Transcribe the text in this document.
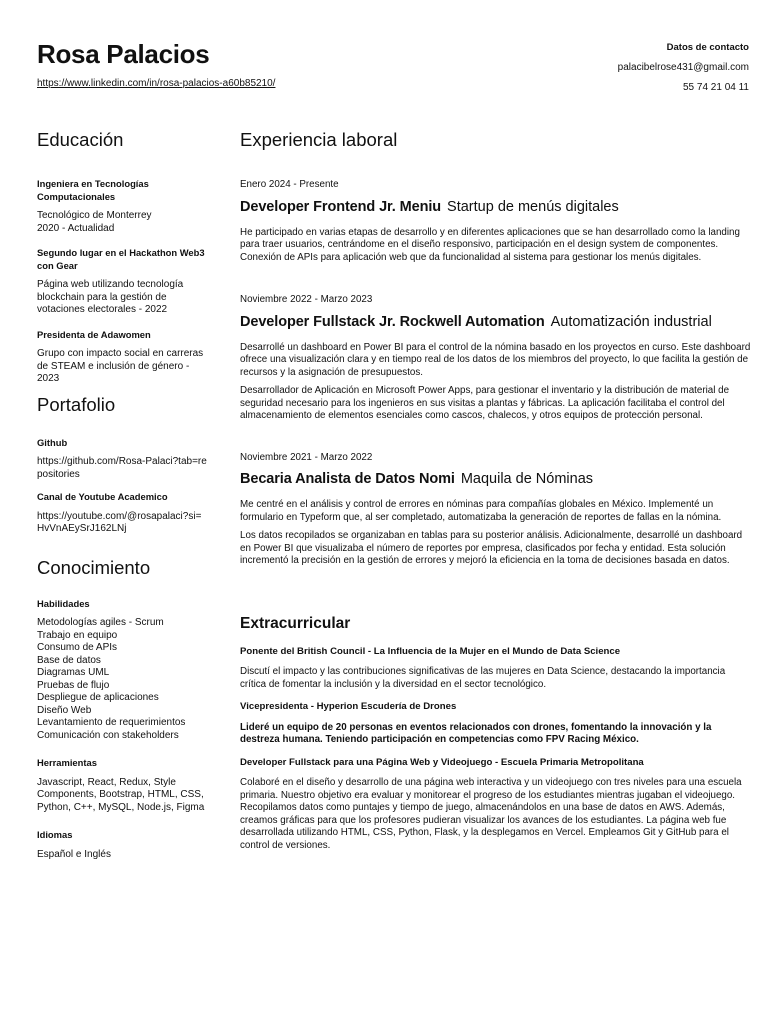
Rosa Palacios
https://www.linkedin.com/in/rosa-palacios-a60b85210/
Datos de contacto
palacibelrose431@gmail.com
55 74 21 04 11
Educación
Ingeniera en Tecnologías Computacionales
Tecnológico de Monterrey
2020 - Actualidad
Segundo lugar en el Hackathon Web3 con Gear
Página web utilizando tecnología blockchain para la gestión de votaciones electorales - 2022
Presidenta de Adawomen
Grupo con impacto social en carreras de STEAM e inclusión de género - 2023
Portafolio
Github
https://github.com/Rosa-Palaci?tab=repositories
Canal de Youtube Academico
https://youtube.com/@rosapalaci?si=HvVnAEySrJ162LNj
Conocimiento
Habilidades
Metodologías agiles - Scrum
Trabajo en equipo
Consumo de APIs
Base de datos
Diagramas UML
Pruebas de flujo
Despliegue de aplicaciones
Diseño Web
Levantamiento de requerimientos
Comunicación con stakeholders
Herramientas
Javascript, React, Redux, Style Components, Bootstrap, HTML, CSS, Python, C++, MySQL, Node.js, Figma
Idiomas
Español e Inglés
Experiencia laboral
Enero 2024 - Presente
Developer Frontend Jr. Meniu Startup de menús digitales
He participado en varias etapas de desarrollo y en diferentes aplicaciones que se han desarrollado como la landing para traer usuarios, centrándome en el diseño responsivo, participación en el design system de componentes. Conexión de APIs para aplicación web que da funcionalidad al sistema para gestionar los menús digitales.
Noviembre 2022 - Marzo 2023
Developer Fullstack Jr. Rockwell Automation Automatización industrial
Desarrollé un dashboard en Power BI para el control de la nómina basado en los proyectos en curso. Este dashboard ofrece una visualización clara y en tiempo real de los datos de los miembros del proyecto, lo que facilita la gestión de recursos y la asignación de presupuestos.
Desarrollador de Aplicación en Microsoft Power Apps, para gestionar el inventario y la distribución de material de seguridad necesario para los ingenieros en sus visitas a plantas y fábricas. La aplicación facilitaba el control del almacenamiento de elementos esenciales como cascos, chalecos, y otros equipos de protección personal.
Noviembre 2021 - Marzo 2022
Becaria Analista de Datos Nomi Maquila de Nóminas
Me centré en el análisis y control de errores en nóminas para compañías globales en México. Implementé un formulario en Typeform que, al ser completado, automatizaba la generación de reportes de fallas en la nómina.
Los datos recopilados se organizaban en tablas para su posterior análisis. Adicionalmente, desarrollé un dashboard en Power BI que visualizaba el número de reportes por empresa, clasificados por fecha y entidad. Esta solución incrementó la precisión en la gestión de errores y mejoró la eficiencia en la toma de decisiones basada en datos.
Extracurricular
Ponente del British Council - La Influencia de la Mujer en el Mundo de Data Science
Discutí el impacto y las contribuciones significativas de las mujeres en Data Science, destacando la importancia crítica de fomentar la inclusión y la diversidad en el sector tecnológico.
Vicepresidenta - Hyperion Escudería de Drones
Lideré un equipo de 20 personas en eventos relacionados con drones, fomentando la innovación y la destreza humana. Teniendo participación en competencias como FPV Racing México.
Developer Fullstack para una Página Web y Videojuego - Escuela Primaria Metropolitana
Colaboré en el diseño y desarrollo de una página web interactiva y un videojuego con tres niveles para una escuela primaria. Nuestro objetivo era evaluar y monitorear el progreso de los estudiantes mientras jugaban el videojuego. Recopilamos datos como puntajes y tiempo de juego, almacenándolos en una base de datos en AWS. Además, creamos gráficas para que los profesores pudieran visualizar los avances de los estudiantes. La página web fue desarrollada utilizando HTML, CSS, Python, Flask, y la desplegamos en Vercel. Empleamos Git y GitHub para el control de versiones.
